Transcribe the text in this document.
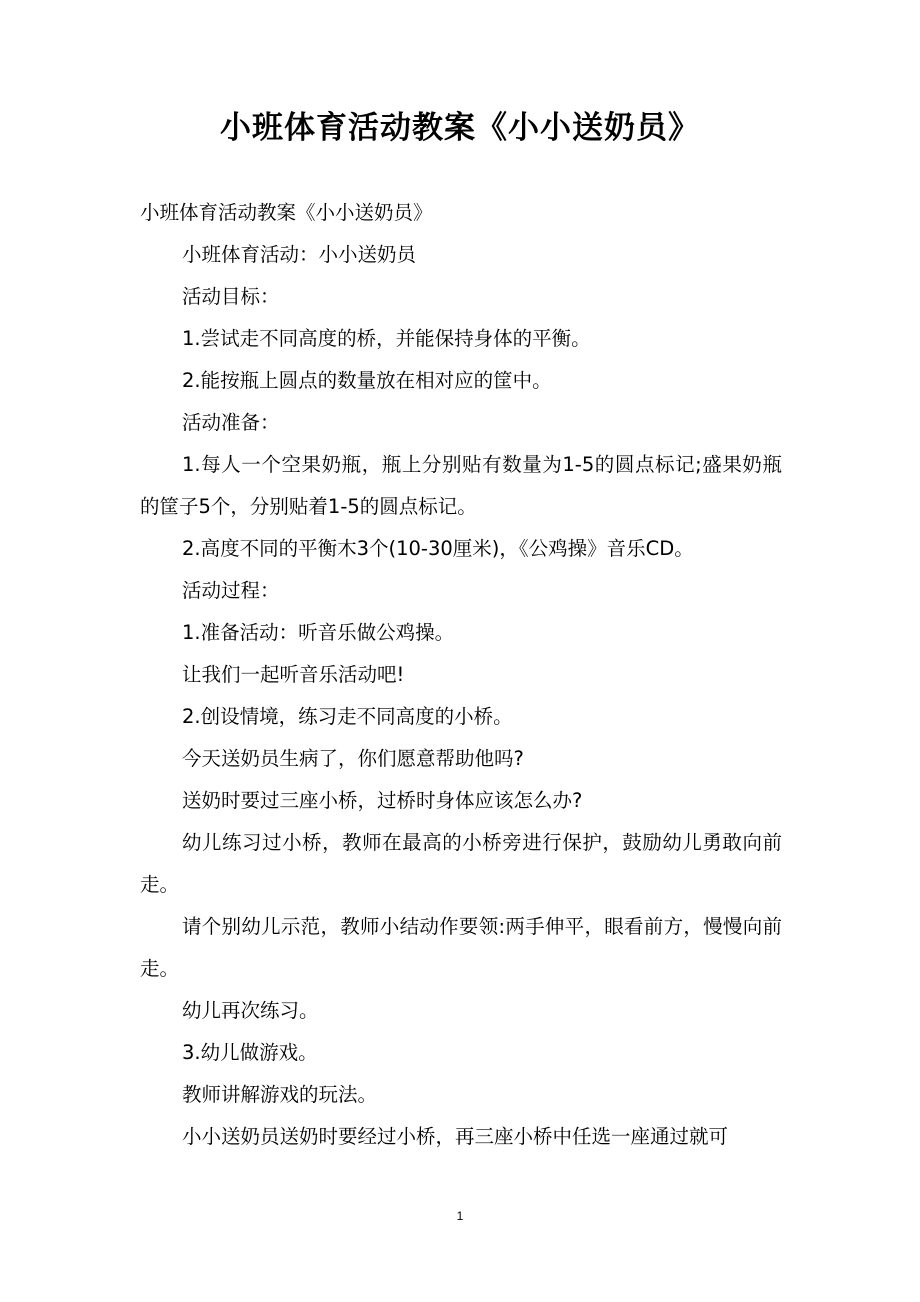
小班体育活动教案《小小送奶员》

小班体育活动教案《小小送奶员》

小班体育活动：小小送奶员

活动目标：

1.尝试走不同高度的桥，并能保持身体的平衡。

2.能按瓶上圆点的数量放在相对应的筐中。

活动准备：

1.每人一个空果奶瓶，瓶上分别贴有数量为1-5的圆点标记;盛果奶瓶的筐子5个，分别贴着1-5的圆点标记。

2.高度不同的平衡木3个(10-30厘米)，《公鸡操》音乐CD。

活动过程：

1.准备活动：听音乐做公鸡操。

让我们一起听音乐活动吧!

2.创设情境，练习走不同高度的小桥。

今天送奶员生病了，你们愿意帮助他吗?

送奶时要过三座小桥，过桥时身体应该怎么办?

幼儿练习过小桥，教师在最高的小桥旁进行保护，鼓励幼儿勇敢向前走。

请个别幼儿示范，教师小结动作要领:两手伸平，眼看前方，慢慢向前走。

幼儿再次练习。

3.幼儿做游戏。

教师讲解游戏的玩法。

小小送奶员送奶时要经过小桥，再三座小桥中任选一座通过就可

1
